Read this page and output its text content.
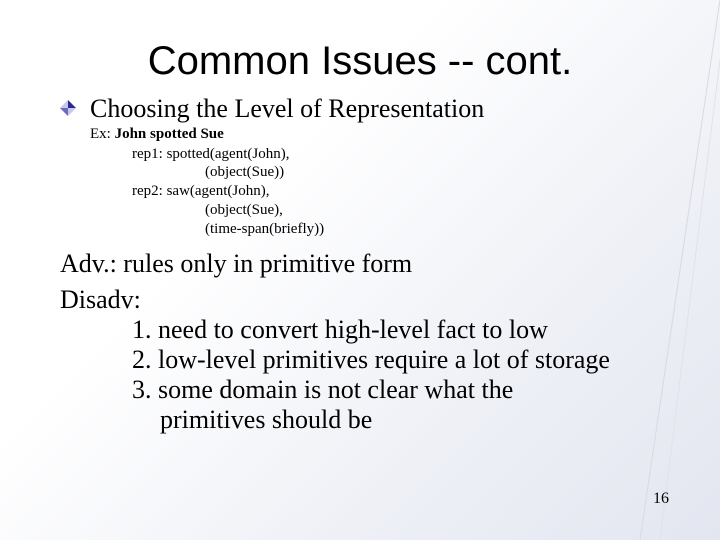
Common Issues -- cont.
Choosing the Level of Representation
Ex: John spotted Sue
rep1: spotted(agent(John),
(object(Sue))
rep2: saw(agent(John),
(object(Sue),
(time-span(briefly))
Adv.: rules only in primitive form
Disadv:
1. need to convert high-level fact to low
2. low-level primitives require a lot of storage
3. some domain is not clear what the
primitives should be
16
